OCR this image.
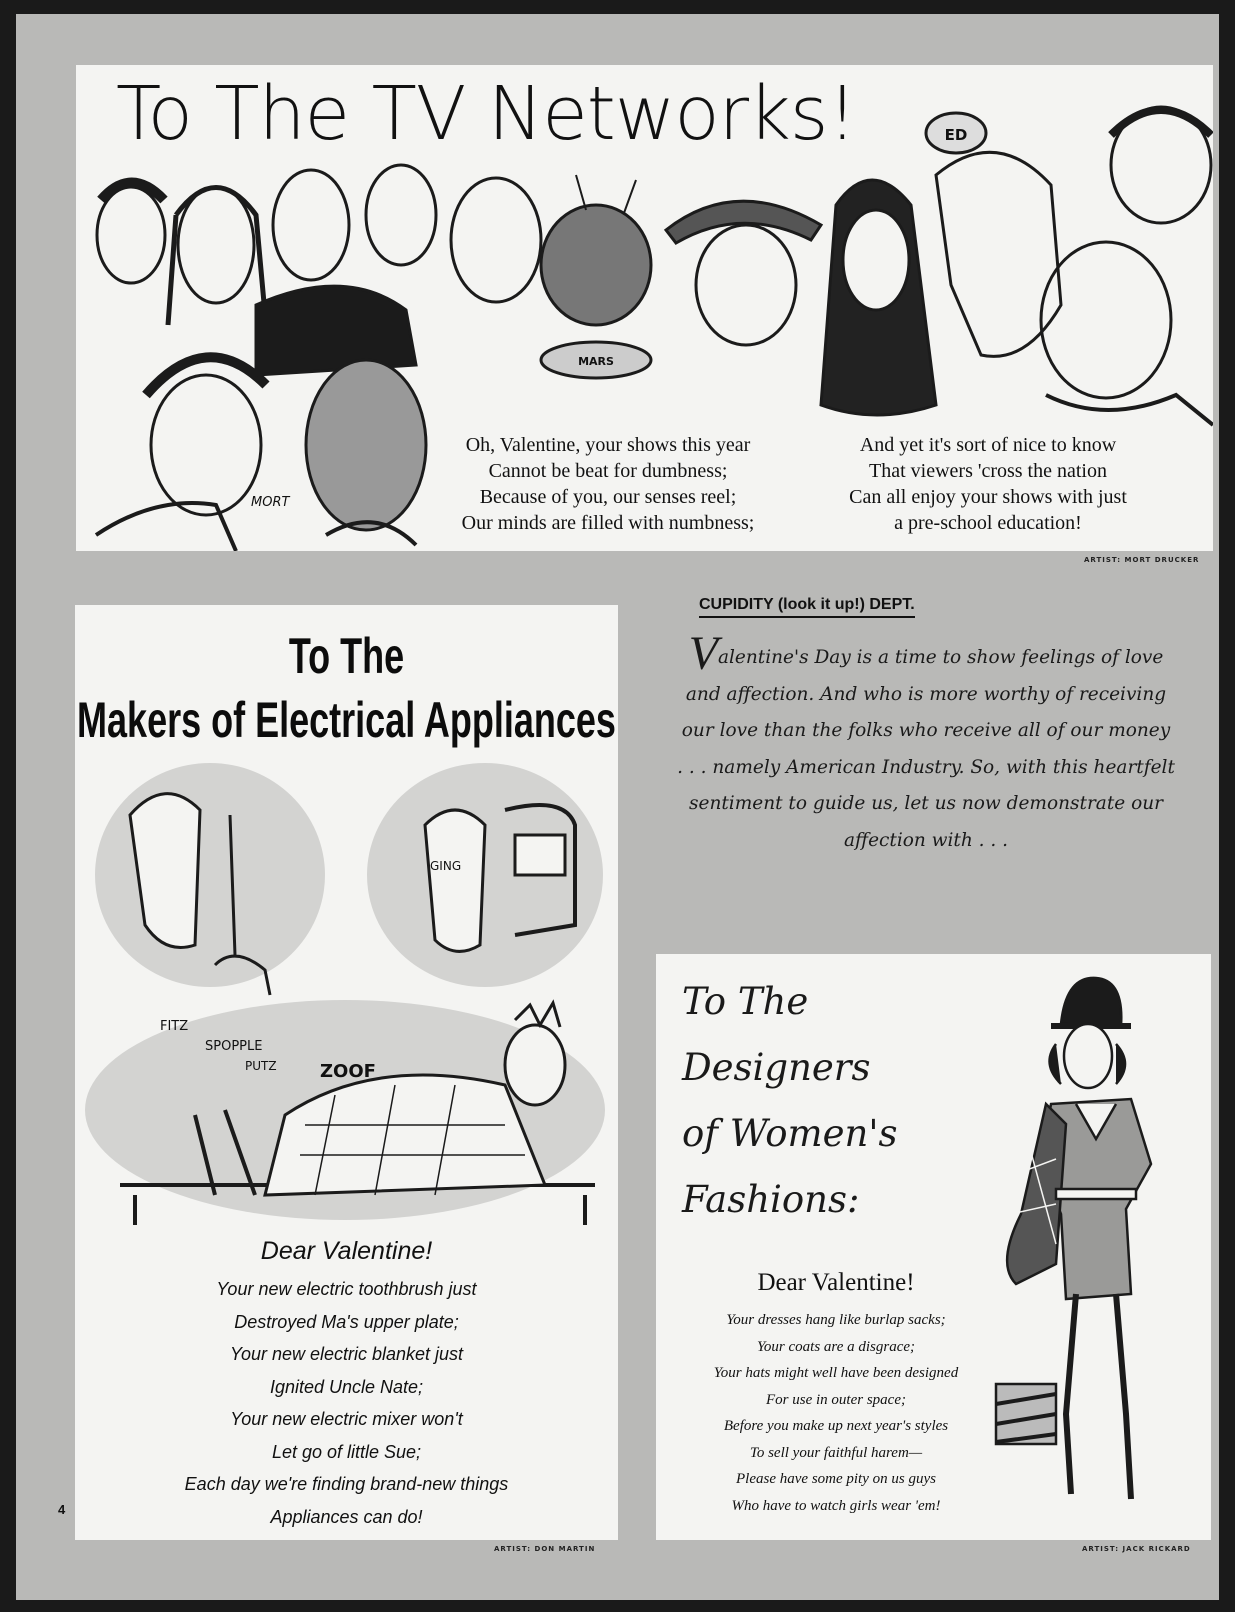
ED
MARS
To The TV Networks!
MORT
Oh, Valentine, your shows this year
Cannot be beat for dumbness;
Because of you, our senses reel;
Our minds are filled with numbness;
And yet it's sort of nice to know
That viewers 'cross the nation
Can all enjoy your shows with just
a pre-school education!
ARTIST: MORT DRUCKER
To The
Makers of Electrical Appliances
GING
FITZ
SPOPPLE
PUTZ ZOOF
Dear Valentine!
Your new electric toothbrush just
Destroyed Ma's upper plate;
Your new electric blanket just
Ignited Uncle Nate;
Your new electric mixer won't
Let go of little Sue;
Each day we're finding brand-new things
Appliances can do!
ARTIST: DON MARTIN
CUPIDITY (look it up!) DEPT.
Valentine's Day is a time to show feelings of love and affection. And who is more worthy of receiving our love than the folks who receive all of our money . . . namely American Industry. So, with this heartfelt sentiment to guide us, let us now demonstrate our affection with . . .
To The
Designers
of Women's
Fashions:
Dear Valentine!
Your dresses hang like burlap sacks;
Your coats are a disgrace;
Your hats might well have been designed
For use in outer space;
Before you make up next year's styles
To sell your faithful harem—
Please have some pity on us guys
Who have to watch girls wear 'em!
ARTIST: JACK RICKARD
4
